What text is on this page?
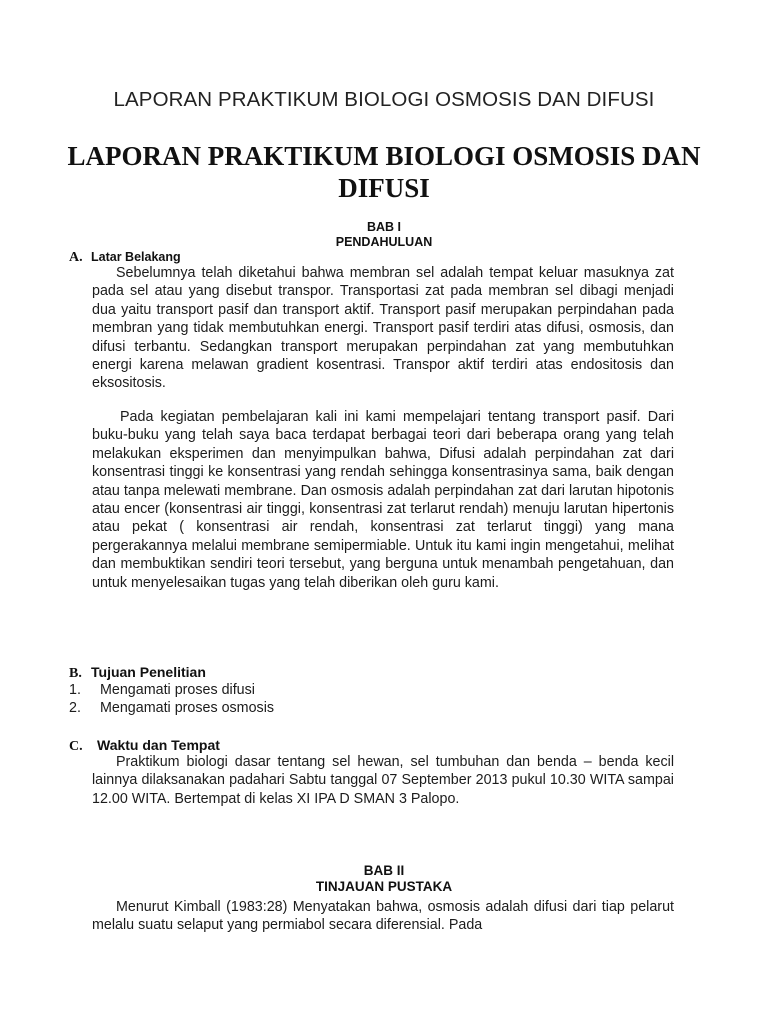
LAPORAN PRAKTIKUM BIOLOGI OSMOSIS DAN DIFUSI
LAPORAN PRAKTIKUM BIOLOGI OSMOSIS DAN DIFUSI
BAB I
PENDAHULUAN
A. Latar Belakang
Sebelumnya telah diketahui bahwa membran sel adalah tempat keluar masuknya zat pada sel atau yang disebut transpor. Transportasi zat pada membran sel dibagi menjadi dua yaitu transport pasif dan transport aktif. Transport pasif merupakan perpindahan pada membran yang tidak membutuhkan energi. Transport pasif terdiri atas difusi, osmosis, dan difusi terbantu. Sedangkan transport merupakan perpindahan zat yang membutuhkan energi karena melawan gradient kosentrasi. Transpor aktif terdiri atas endositosis dan eksositosis.
Pada kegiatan pembelajaran kali ini kami mempelajari tentang transport pasif. Dari buku-buku yang telah saya baca terdapat berbagai teori dari beberapa orang yang telah melakukan eksperimen dan menyimpulkan bahwa, Difusi adalah perpindahan zat dari konsentrasi tinggi ke konsentrasi yang rendah sehingga konsentrasinya sama, baik dengan atau tanpa melewati membrane. Dan osmosis adalah perpindahan zat dari larutan hipotonis atau encer (konsentrasi air tinggi, konsentrasi zat terlarut rendah) menuju larutan hipertonis atau pekat ( konsentrasi air rendah, konsentrasi zat terlarut tinggi) yang mana pergerakannya melalui membrane semipermiable. Untuk itu kami ingin mengetahui, melihat dan membuktikan sendiri teori tersebut, yang berguna untuk menambah pengetahuan, dan untuk menyelesaikan tugas yang telah diberikan oleh guru kami.
B. Tujuan Penelitian
1. Mengamati proses difusi
2. Mengamati proses osmosis
C. Waktu dan Tempat
Praktikum biologi dasar tentang sel hewan, sel tumbuhan dan benda – benda kecil lainnya dilaksanakan padahari Sabtu tanggal 07 September 2013 pukul 10.30 WITA sampai 12.00 WITA. Bertempat di kelas XI IPA D SMAN 3 Palopo.
BAB II
TINJAUAN PUSTAKA
Menurut Kimball (1983:28) Menyatakan bahwa, osmosis adalah difusi dari tiap pelarut melalu suatu selaput yang permiabol secara diferensial. Pada
